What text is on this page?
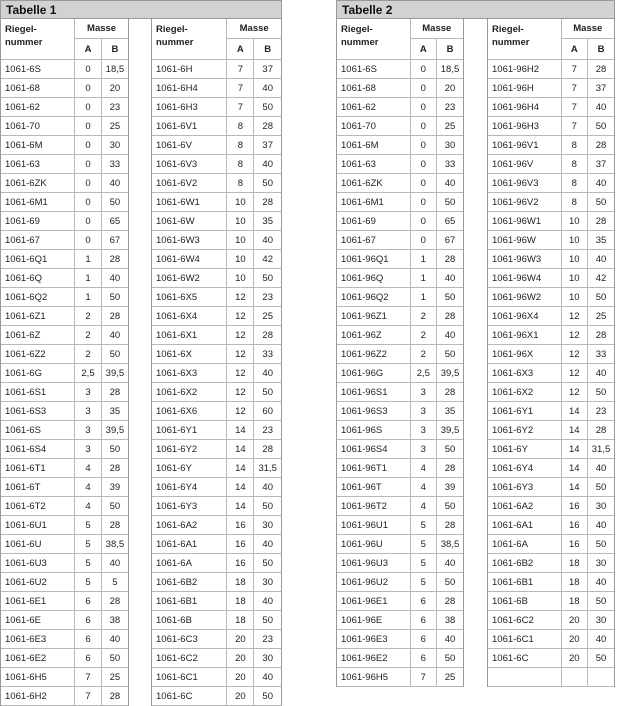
Tabelle 1
Riegel-
nummer	Masse	
	A	B
1061-6S	0	18,5
1061-68	0	20
1061-62	0	23
1061-70	0	25
1061-6M	0	30
1061-63	0	33
1061-6ZK	0	40
1061-6M1	0	50
1061-69	0	65
1061-67	0	67
1061-6Q1	1	28
1061-6Q	1	40
1061-6Q2	1	50
1061-6Z1	2	28
1061-6Z	2	40
1061-6Z2	2	50
1061-6G	2,5	39,5
1061-6S1	3	28
1061-6S3	3	35
1061-6S	3	39,5
1061-6S4	3	50
1061-6T1	4	28
1061-6T	4	39
1061-6T2	4	50
1061-6U1	5	28
1061-6U	5	38,5
1061-6U3	5	40
1061-6U2	5	5
1061-6E1	6	28
1061-6E	6	38
1061-6E3	6	40
1061-6E2	6	50
1061-6H5	7	25
1061-6H2	7	28
Riegel-
nummer	Masse	
	A	B
1061-6H	7	37
1061-6H4	7	40
1061-6H3	7	50
1061-6V1	8	28
1061-6V	8	37
1061-6V3	8	40
1061-6V2	8	50
1061-6W1	10	28
1061-6W	10	35
1061-6W3	10	40
1061-6W4	10	42
1061-6W2	10	50
1061-6X5	12	23
1061-6X4	12	25
1061-6X1	12	28
1061-6X	12	33
1061-6X3	12	40
1061-6X2	12	50
1061-6X6	12	60
1061-6Y1	14	23
1061-6Y2	14	28
1061-6Y	14	31,5
1061-6Y4	14	40
1061-6Y3	14	50
1061-6A2	16	30
1061-6A1	16	40
1061-6A	16	50
1061-6B2	18	30
1061-6B1	18	40
1061-6B	18	50
1061-6C3	20	23
1061-6C2	20	30
1061-6C1	20	40
1061-6C	20	50
Tabelle 2
Riegel-
nummer	Masse	
	A	B
1061-6S	0	18,5
1061-68	0	20
1061-62	0	23
1061-70	0	25
1061-6M	0	30
1061-63	0	33
1061-6ZK	0	40
1061-6M1	0	50
1061-69	0	65
1061-67	0	67
1061-96Q1	1	28
1061-96Q	1	40
1061-96Q2	1	50
1061-96Z1	2	28
1061-96Z	2	40
1061-96Z2	2	50
1061-96G	2,5	39,5
1061-96S1	3	28
1061-96S3	3	35
1061-96S	3	39,5
1061-96S4	3	50
1061-96T1	4	28
1061-96T	4	39
1061-96T2	4	50
1061-96U1	5	28
1061-96U	5	38,5
1061-96U3	5	40
1061-96U2	5	50
1061-96E1	6	28
1061-96E	6	38
1061-96E3	6	40
1061-96E2	6	50
1061-96H5	7	25
Riegel-
nummer	Masse	
	A	B
1061-96H2	7	28
1061-96H	7	37
1061-96H4	7	40
1061-96H3	7	50
1061-96V1	8	28
1061-96V	8	37
1061-96V3	8	40
1061-96V2	8	50
1061-96W1	10	28
1061-96W	10	35
1061-96W3	10	40
1061-96W4	10	42
1061-96W2	10	50
1061-96X4	12	25
1061-96X1	12	28
1061-96X	12	33
1061-6X3	12	40
1061-6X2	12	50
1061-6Y1	14	23
1061-6Y2	14	28
1061-6Y	14	31,5
1061-6Y4	14	40
1061-6Y3	14	50
1061-6A2	16	30
1061-6A1	16	40
1061-6A	16	50
1061-6B2	18	30
1061-6B1	18	40
1061-6B	18	50
1061-6C2	20	30
1061-6C1	20	40
1061-6C	20	50
